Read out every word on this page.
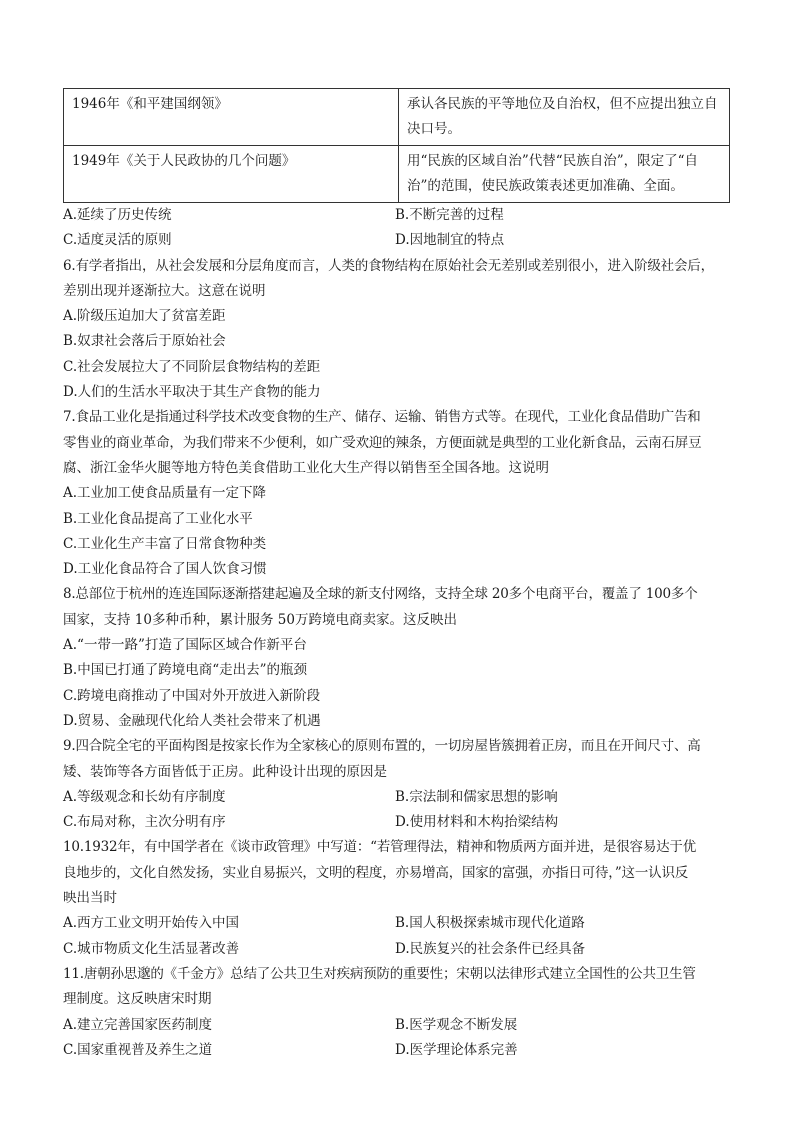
1946年《和平建国纲领》	承认各民族的平等地位及自治权，但不应提出独立自决口号。
1949年《关于人民政协的几个问题》	用“民族的区域自治”代替“民族自治”，限定了“自治”的范围，使民族政策表述更加准确、全面。
A.延续了历史传统	B.不断完善的过程
C.适度灵活的原则	D.因地制宜的特点
6.有学者指出，从社会发展和分层角度而言，人类的食物结构在原始社会无差别或差别很小，进入阶级社会后，
差别出现并逐渐拉大。这意在说明
A.阶级压迫加大了贫富差距
B.奴隶社会落后于原始社会
C.社会发展拉大了不同阶层食物结构的差距
D.人们的生活水平取决于其生产食物的能力
7.食品工业化是指通过科学技术改变食物的生产、储存、运输、销售方式等。在现代，工业化食品借助广告和
零售业的商业革命，为我们带来不少便利，如广受欢迎的辣条，方便面就是典型的工业化新食品，云南石屏豆
腐、浙江金华火腿等地方特色美食借助工业化大生产得以销售至全国各地。这说明
A.工业加工使食品质量有一定下降
B.工业化食品提高了工业化水平
C.工业化生产丰富了日常食物种类
D.工业化食品符合了国人饮食习惯
8.总部位于杭州的连连国际逐渐搭建起遍及全球的新支付网络，支持全球 20多个电商平台，覆盖了 100多个
国家，支持 10多种币种，累计服务 50万跨境电商卖家。这反映出
A.“一带一路”打造了国际区域合作新平台
B.中国已打通了跨境电商“走出去”的瓶颈
C.跨境电商推动了中国对外开放进入新阶段
D.贸易、金融现代化给人类社会带来了机遇
9.四合院全宅的平面构图是按家长作为全家核心的原则布置的，一切房屋皆簇拥着正房，而且在开间尺寸、高
矮、装饰等各方面皆低于正房。此种设计出现的原因是
A.等级观念和长幼有序制度	B.宗法制和儒家思想的影响
C.布局对称，主次分明有序	D.使用材料和木构抬梁结构
10.1932年，有中国学者在《谈市政管理》中写道：“若管理得法，精神和物质两方面并进，是很容易达于优
良地步的，文化自然发扬，实业自易振兴，文明的程度，亦易增高，国家的富强，亦指日可待，”这一认识反
映出当时
A.西方工业文明开始传入中国	B.国人积极探索城市现代化道路
C.城市物质文化生活显著改善	D.民族复兴的社会条件已经具备
11.唐朝孙思邈的《千金方》总结了公共卫生对疾病预防的重要性；宋朝以法律形式建立全国性的公共卫生管
理制度。这反映唐宋时期
A.建立完善国家医药制度	B.医学观念不断发展
C.国家重视普及养生之道	D.医学理论体系完善
